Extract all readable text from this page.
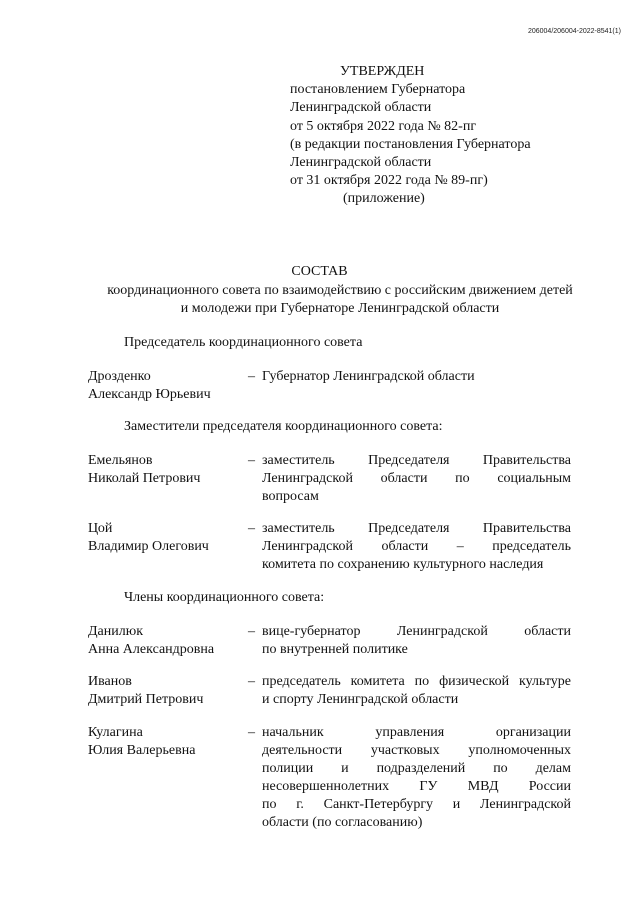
206004/206004-2022-8541(1)
УТВЕРЖДЕН
постановлением Губернатора
Ленинградской области
от 5 октября 2022 года № 82-пг
(в редакции постановления Губернатора
Ленинградской области
от 31 октября 2022 года № 89-пг)
(приложение)
СОСТАВ
координационного совета по взаимодействию с российским движением детей
и молодежи при Губернаторе Ленинградской области
Председатель координационного совета
Дрозденко
Александр Юрьевич
– Губернатор Ленинградской области
Заместители председателя координационного совета:
Емельянов
Николай Петрович
– заместитель Председателя Правительства
Ленинградской области по социальным
вопросам
Цой
Владимир Олегович
– заместитель Председателя Правительства
Ленинградской области – председатель
комитета по сохранению культурного наследия
Члены координационного совета:
Данилюк
Анна Александровна
– вице-губернатор Ленинградской области
по внутренней политике
Иванов
Дмитрий Петрович
– председатель комитета по физической культуре
и спорту Ленинградской области
Кулагина
Юлия Валерьевна
– начальник управления организации
деятельности участковых уполномоченных
полиции и подразделений по делам
несовершеннолетних ГУ МВД России
по г. Санкт-Петербургу и Ленинградской
области (по согласованию)
